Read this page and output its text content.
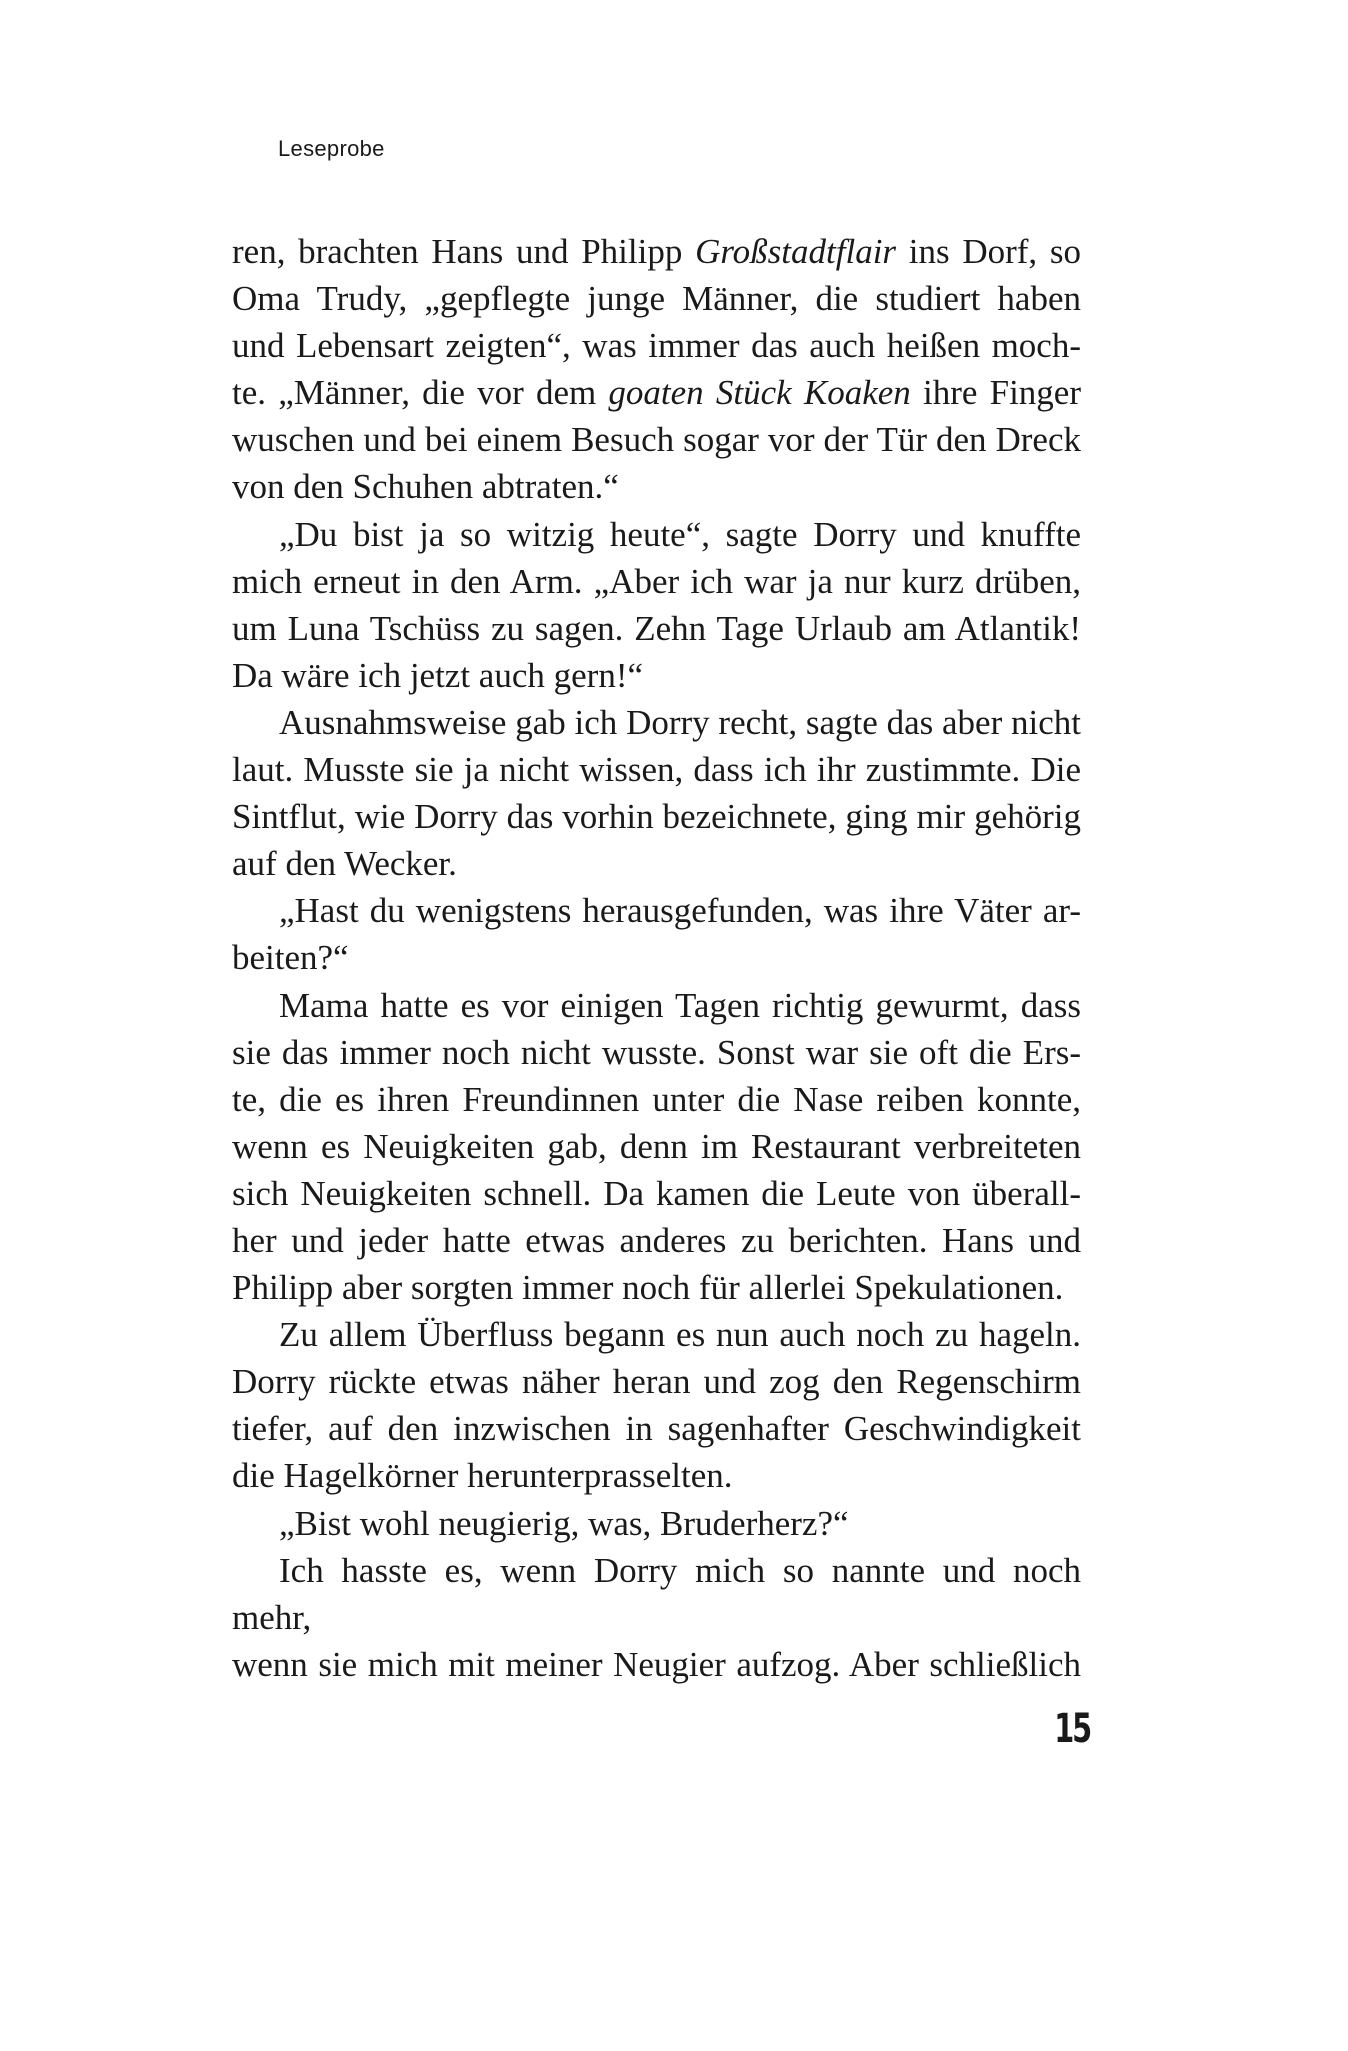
Leseprobe

ren, brachten Hans und Philipp Großstadtflair ins Dorf, so

Oma Trudy, „gepflegte junge Männer, die studiert haben

und Lebensart zeigten“, was immer das auch heißen moch-

te. „Männer, die vor dem goaten Stück Koaken ihre Finger

wuschen und bei einem Besuch sogar vor der Tür den Dreck

von den Schuhen abtraten.“

„Du bist ja so witzig heute“, sagte Dorry und knuffte

mich erneut in den Arm. „Aber ich war ja nur kurz drüben,

um Luna Tschüss zu sagen. Zehn Tage Urlaub am Atlantik!

Da wäre ich jetzt auch gern!“

Ausnahmsweise gab ich Dorry recht, sagte das aber nicht

laut. Musste sie ja nicht wissen, dass ich ihr zustimmte. Die

Sintflut, wie Dorry das vorhin bezeichnete, ging mir gehörig

auf den Wecker.

„Hast du wenigstens herausgefunden, was ihre Väter ar-

beiten?“

Mama hatte es vor einigen Tagen richtig gewurmt, dass

sie das immer noch nicht wusste. Sonst war sie oft die Ers-

te, die es ihren Freundinnen unter die Nase reiben konnte,

wenn es Neuigkeiten gab, denn im Restaurant verbreiteten

sich Neuigkeiten schnell. Da kamen die Leute von überall-

her und jeder hatte etwas anderes zu berichten. Hans und

Philipp aber sorgten immer noch für allerlei Spekulationen.

Zu allem Überfluss begann es nun auch noch zu hageln.

Dorry rückte etwas näher heran und zog den Regenschirm

tiefer, auf den inzwischen in sagenhafter Geschwindigkeit

die Hagelkörner herunterprasselten.

„Bist wohl neugierig, was, Bruderherz?“

Ich hasste es, wenn Dorry mich so nannte und noch mehr,

wenn sie mich mit meiner Neugier aufzog. Aber schließlich

15
